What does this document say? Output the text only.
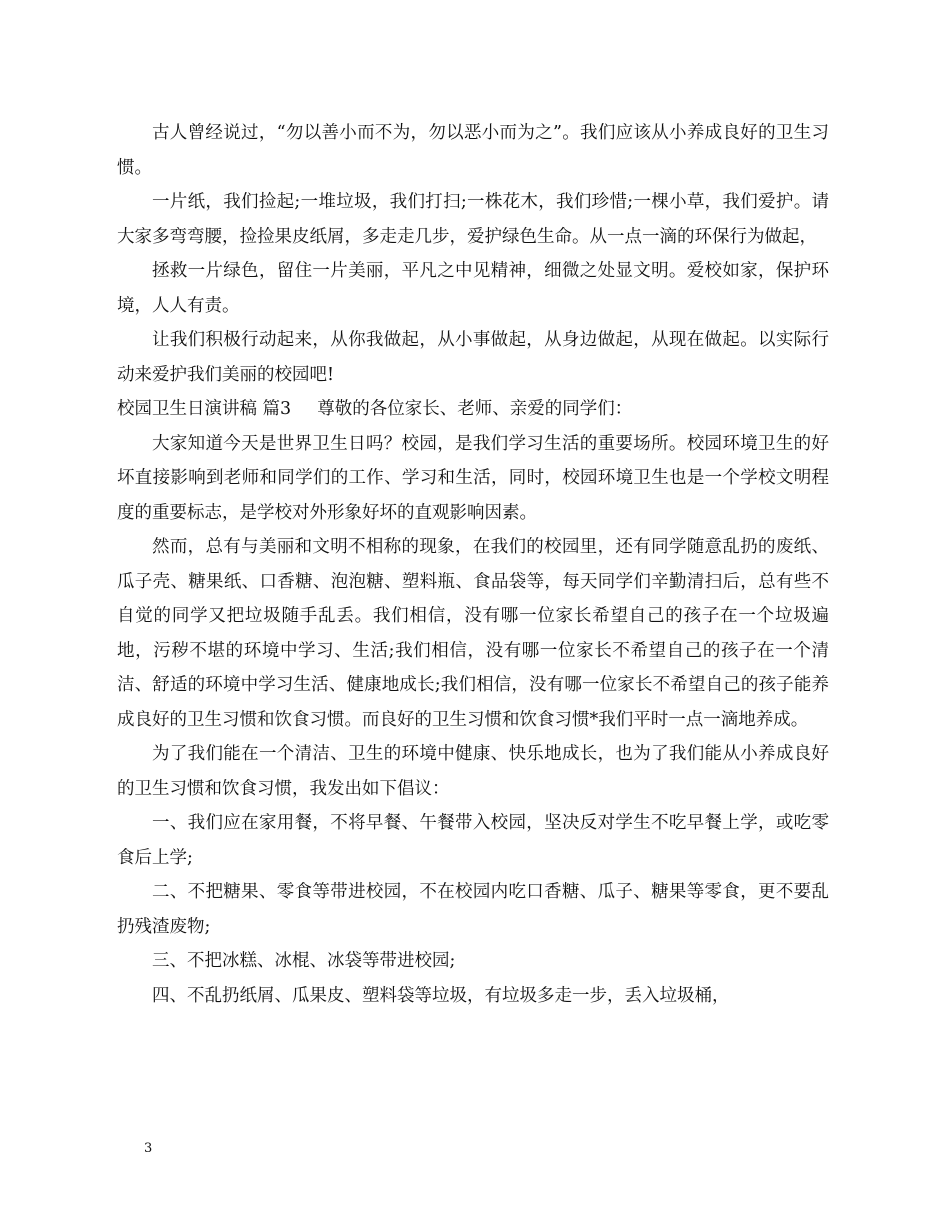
古人曾经说过，“勿以善小而不为，勿以恶小而为之”。我们应该从小养成良好的卫生习惯。

一片纸，我们捡起;一堆垃圾，我们打扫;一株花木，我们珍惜;一棵小草，我们爱护。请大家多弯弯腰，捡捡果皮纸屑，多走走几步，爱护绿色生命。从一点一滴的环保行为做起，

拯救一片绿色，留住一片美丽，平凡之中见精神，细微之处显文明。爱校如家，保护环境，人人有责。

让我们积极行动起来，从你我做起，从小事做起，从身边做起，从现在做起。以实际行动来爱护我们美丽的校园吧!

校园卫生日演讲稿 篇3 尊敬的各位家长、老师、亲爱的同学们：

大家知道今天是世界卫生日吗？校园，是我们学习生活的重要场所。校园环境卫生的好坏直接影响到老师和同学们的工作、学习和生活，同时，校园环境卫生也是一个学校文明程度的重要标志，是学校对外形象好坏的直观影响因素。

然而，总有与美丽和文明不相称的现象，在我们的校园里，还有同学随意乱扔的废纸、瓜子壳、糖果纸、口香糖、泡泡糖、塑料瓶、食品袋等，每天同学们辛勤清扫后，总有些不自觉的同学又把垃圾随手乱丢。我们相信，没有哪一位家长希望自己的孩子在一个垃圾遍地，污秽不堪的环境中学习、生活;我们相信，没有哪一位家长不希望自己的孩子在一个清洁、舒适的环境中学习生活、健康地成长;我们相信，没有哪一位家长不希望自己的孩子能养成良好的卫生习惯和饮食习惯。而良好的卫生习惯和饮食习惯*我们平时一点一滴地养成。

为了我们能在一个清洁、卫生的环境中健康、快乐地成长，也为了我们能从小养成良好的卫生习惯和饮食习惯，我发出如下倡议：

一、我们应在家用餐，不将早餐、午餐带入校园，坚决反对学生不吃早餐上学，或吃零食后上学;

二、不把糖果、零食等带进校园，不在校园内吃口香糖、瓜子、糖果等零食，更不要乱扔残渣废物;

三、不把冰糕、冰棍、冰袋等带进校园;

四、不乱扔纸屑、瓜果皮、塑料袋等垃圾，有垃圾多走一步，丢入垃圾桶，

3
